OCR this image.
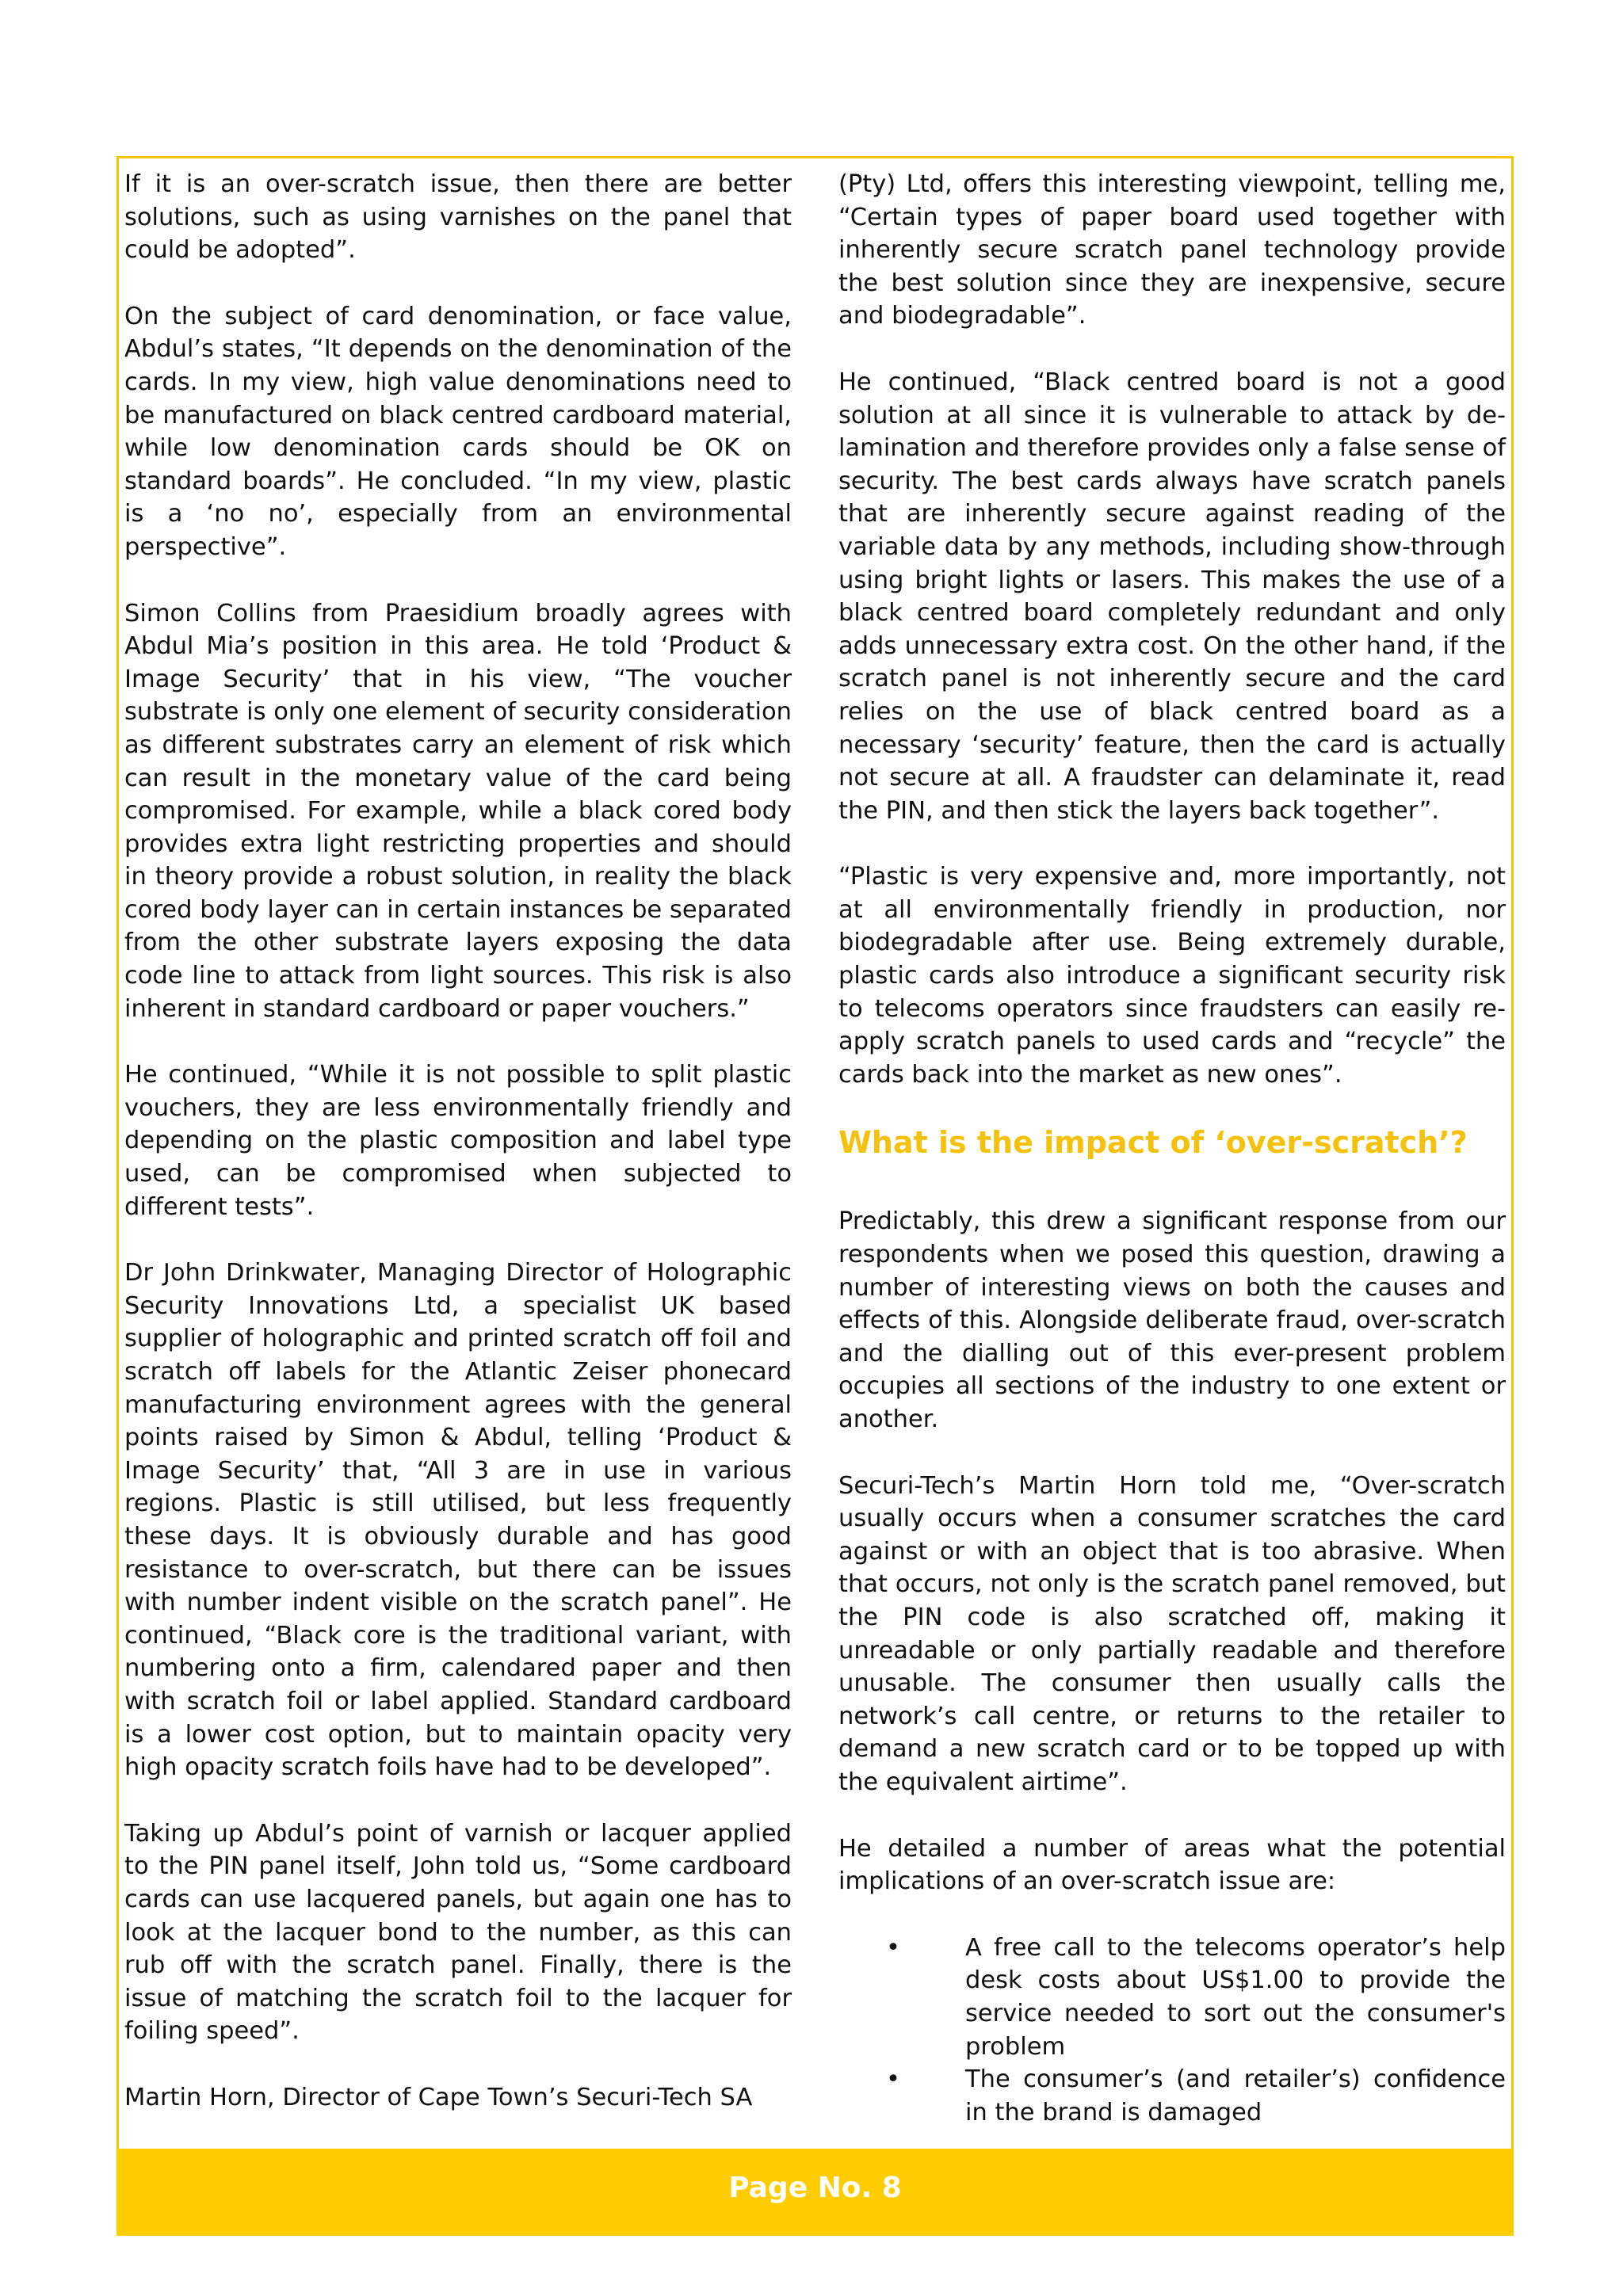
If it is an over-scratch issue, then there are better solutions, such as using varnishes on the panel that could be adopted”.

On the subject of card denomination, or face value, Abdul’s states, “It depends on the denomination of the cards. In my view, high value denominations need to be manufactured on black centred cardboard material, while low denomination cards should be OK on standard boards”. He concluded. “In my view, plastic is a ‘no no’, especially from an environmental perspective”.

Simon Collins from Praesidium broadly agrees with Abdul Mia’s position in this area. He told ‘Product & Image Security’ that in his view, “The voucher substrate is only one element of security consideration as different substrates carry an element of risk which can result in the monetary value of the card being compromised. For example, while a black cored body provides extra light restricting properties and should in theory provide a robust solution, in reality the black cored body layer can in certain instances be separated from the other substrate layers exposing the data code line to attack from light sources. This risk is also inherent in standard cardboard or paper vouchers.”

He continued, “While it is not possible to split plastic vouchers, they are less environmentally friendly and depending on the plastic composition and label type used, can be compromised when subjected to different tests”.

Dr John Drinkwater, Managing Director of Holographic Security Innovations Ltd, a specialist UK based supplier of holographic and printed scratch off foil and scratch off labels for the Atlantic Zeiser phonecard manufacturing environment agrees with the general points raised by Simon & Abdul, telling ‘Product & Image Security’ that, “All 3 are in use in various regions. Plastic is still utilised, but less frequently these days. It is obviously durable and has good resistance to over-scratch, but there can be issues with number indent visible on the scratch panel”. He continued, “Black core is the traditional variant, with numbering onto a firm, calendared paper and then with scratch foil or label applied. Standard cardboard is a lower cost option, but to maintain opacity very high opacity scratch foils have had to be developed”.

Taking up Abdul’s point of varnish or lacquer applied to the PIN panel itself, John told us, “Some cardboard cards can use lacquered panels, but again one has to look at the lacquer bond to the number, as this can rub off with the scratch panel. Finally, there is the issue of matching the scratch foil to the lacquer for foiling speed”.

Martin Horn, Director of Cape Town’s Securi-Tech SA

(Pty) Ltd, offers this interesting viewpoint, telling me, “Certain types of paper board used together with inherently secure scratch panel technology provide the best solution since they are inexpensive, secure and biodegradable”.

He continued, “Black centred board is not a good solution at all since it is vulnerable to attack by de-lamination and therefore provides only a false sense of security. The best cards always have scratch panels that are inherently secure against reading of the variable data by any methods, including show-through using bright lights or lasers. This makes the use of a black centred board completely redundant and only adds unnecessary extra cost. On the other hand, if the scratch panel is not inherently secure and the card relies on the use of black centred board as a necessary ‘security’ feature, then the card is actually not secure at all. A fraudster can delaminate it, read the PIN, and then stick the layers back together”.

“Plastic is very expensive and, more importantly, not at all environmentally friendly in production, nor biodegradable after use. Being extremely durable, plastic cards also introduce a significant security risk to telecoms operators since fraudsters can easily re-apply scratch panels to used cards and “recycle” the cards back into the market as new ones”.

What is the impact of ‘over-scratch’?

Predictably, this drew a significant response from our respondents when we posed this question, drawing a number of interesting views on both the causes and effects of this. Alongside deliberate fraud, over-scratch and the dialling out of this ever-present problem occupies all sections of the industry to one extent or another.

Securi-Tech’s Martin Horn told me, “Over-scratch usually occurs when a consumer scratches the card against or with an object that is too abrasive. When that occurs, not only is the scratch panel removed, but the PIN code is also scratched off, making it unreadable or only partially readable and therefore unusable. The consumer then usually calls the network’s call centre, or returns to the retailer to demand a new scratch card or to be topped up with the equivalent airtime”.

He detailed a number of areas what the potential implications of an over-scratch issue are:

•	A free call to the telecoms operator’s help desk costs about US$1.00 to provide the service needed to sort out the consumer's problem
•	The consumer’s (and retailer’s) confidence in the brand is damaged
Page No. 8
